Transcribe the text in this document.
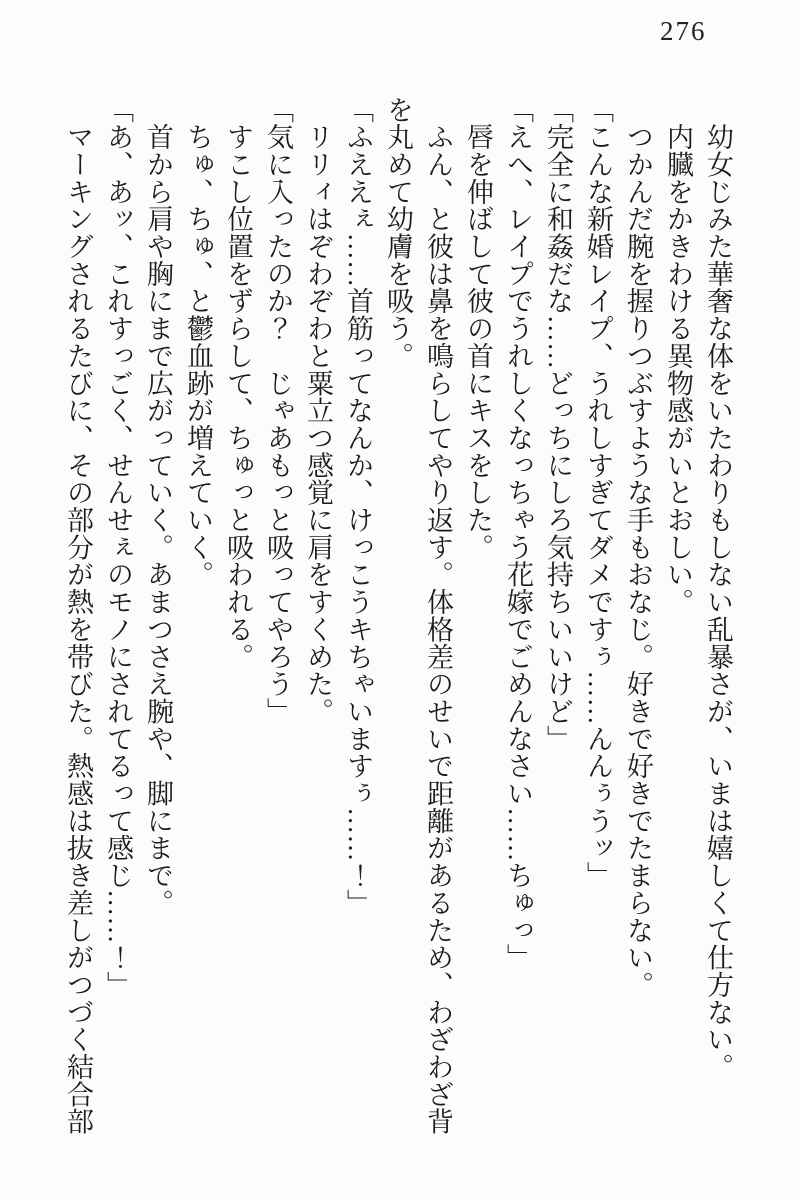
276

　幼女じみた華奢な体をいたわりもしない乱暴さが、いまは嬉しくて仕方ない。

　内臓をかきわける異物感がいとおしい。

　つかんだ腕を握りつぶすような手もおなじ。好きで好きでたまらない。

「こんな新婚レイプ、うれしすぎてダメですぅ……んんぅうッ」

「完全に和姦だな……どっちにしろ気持ちいいけど」

「えへ、レイプでうれしくなっちゃう花嫁でごめんなさい……ちゅっ」

　唇を伸ばして彼の首にキスをした。

　ふん、と彼は鼻を鳴らしてやり返す。体格差のせいで距離があるため、わざわざ背を丸めて幼膚を吸う。

「ふええぇ……首筋ってなんか、けっこうキちゃいますぅ……！」

　リリィはぞわぞわと粟立つ感覚に肩をすくめた。

「気に入ったのか？　じゃあもっと吸ってやろう」

　すこし位置をずらして、ちゅっと吸われる。

　ちゅ、ちゅ、と鬱血跡が増えていく。

　首から肩や胸にまで広がっていく。あまつさえ腕や、脚にまで。

「あ、あッ、これすっごく、せんせぇのモノにされてるって感じ……！」

　マーキングされるたびに、その部分が熱を帯びた。熱感は抜き差しがつづく結合部
